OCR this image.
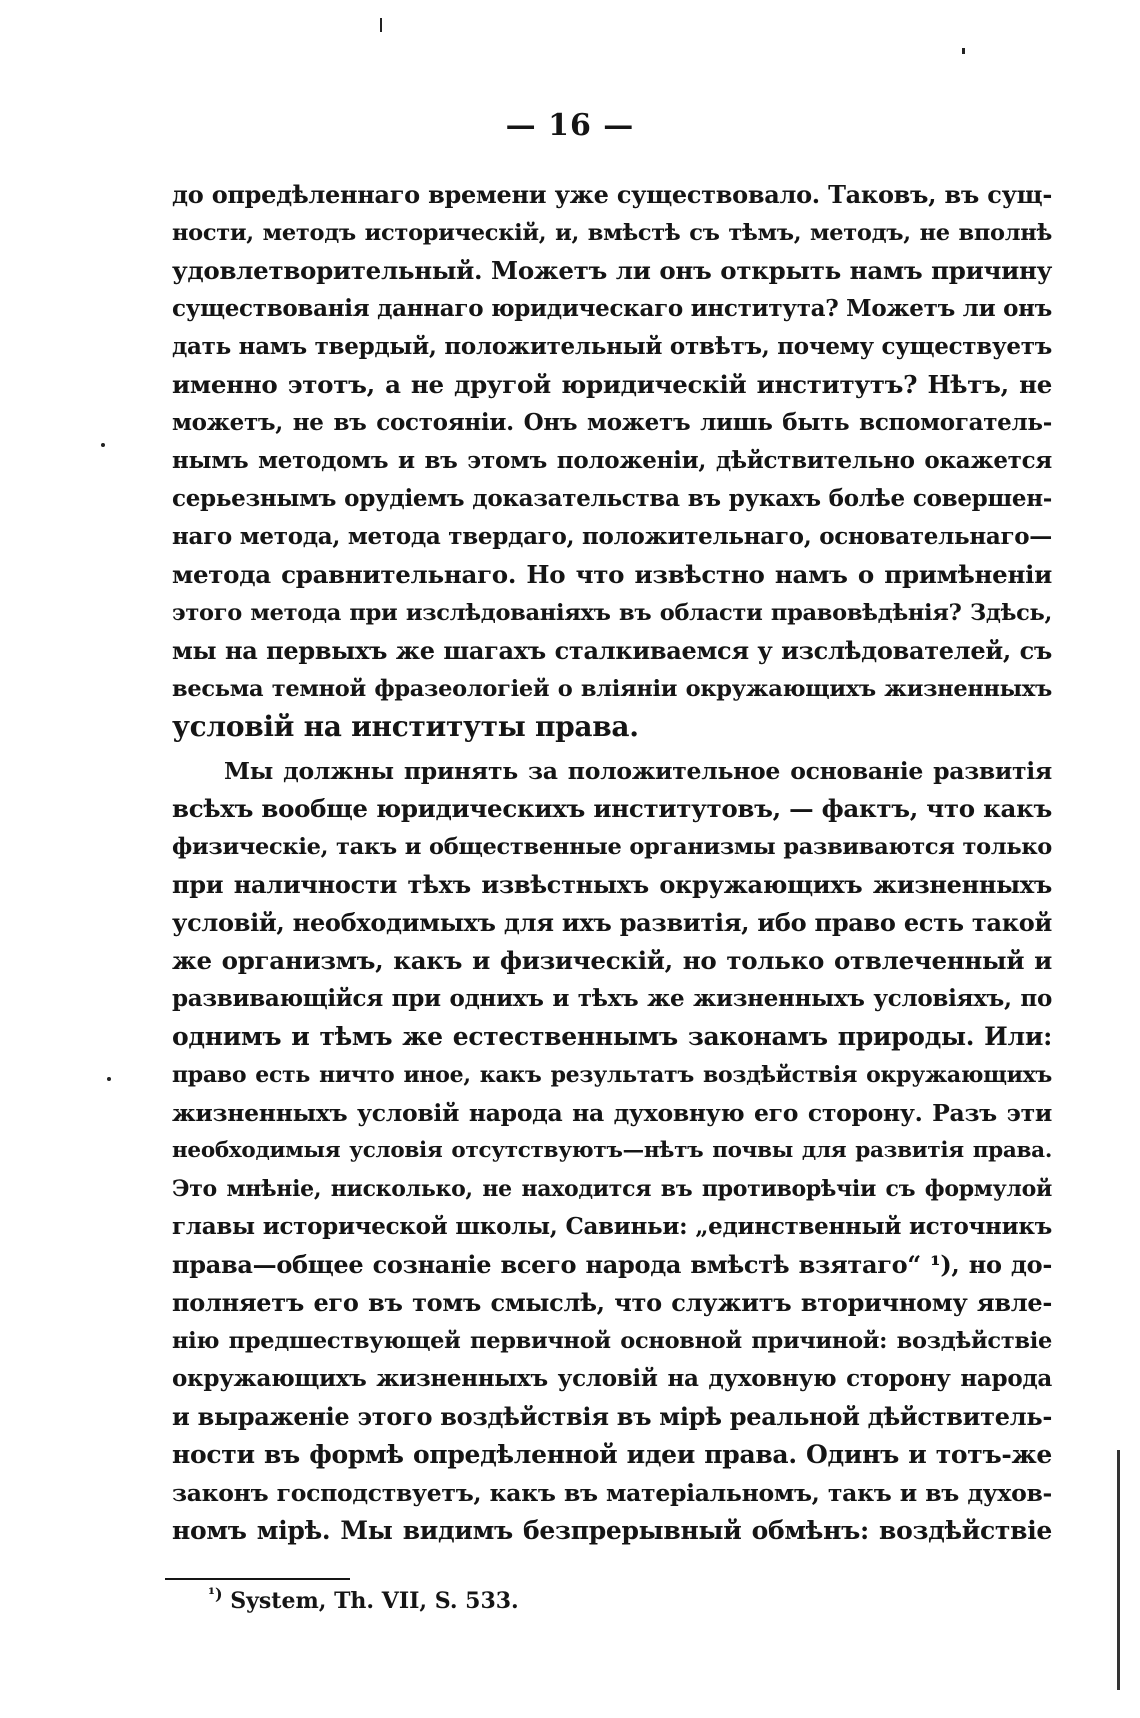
— 16 —
до опредѣленнаго времени уже существовало. Таковъ, въ сущ-
ности, методъ историческій, и, вмѣстѣ съ тѣмъ, методъ, не вполнѣ
удовлетворительный. Можетъ ли онъ открыть намъ причину
существованія даннаго юридическаго института? Можетъ ли онъ
дать намъ твердый, положительный отвѣтъ, почему существуетъ
именно этотъ, а не другой юридическій институтъ? Нѣтъ, не
можетъ, не въ состояніи. Онъ можетъ лишь быть вспомогатель-
нымъ методомъ и въ этомъ положеніи, дѣйствительно окажется
серьезнымъ орудіемъ доказательства въ рукахъ болѣе совершен-
наго метода, метода твердаго, положительнаго, основательнаго—
метода сравнительнаго. Но что извѣстно намъ о примѣненіи
этого метода при изслѣдованіяхъ въ области правовѣдѣнія? Здѣсь,
мы на первыхъ же шагахъ сталкиваемся у изслѣдователей, съ
весьма темной фразеологіей о вліяніи окружающихъ жизненныхъ
условій на институты права.
Мы должны принять за положительное основаніе развитія
всѣхъ вообще юридическихъ институтовъ, — фактъ, что какъ
физическіе, такъ и общественные организмы развиваются только
при наличности тѣхъ извѣстныхъ окружающихъ жизненныхъ
условій, необходимыхъ для ихъ развитія, ибо право есть такой
же организмъ, какъ и физическій, но только отвлеченный и
развивающійся при однихъ и тѣхъ же жизненныхъ условіяхъ, по
однимъ и тѣмъ же естественнымъ законамъ природы. Или:
право есть ничто иное, какъ результатъ воздѣйствія окружающихъ
жизненныхъ условій народа на духовную его сторону. Разъ эти
необходимыя условія отсутствуютъ—нѣтъ почвы для развитія права.
Это мнѣніе, нисколько, не находится въ противорѣчіи съ формулой
главы исторической школы, Савиньи: „единственный источникъ
права—общее сознаніе всего народа вмѣстѣ взятаго“ ¹), но до-
полняетъ его въ томъ смыслѣ, что служитъ вторичному явле-
нію предшествующей первичной основной причиной: воздѣйствіе
окружающихъ жизненныхъ условій на духовную сторону народа
и выраженіе этого воздѣйствія въ мірѣ реальной дѣйствитель-
ности въ формѣ опредѣленной идеи права. Одинъ и тотъ-же
законъ господствуетъ, какъ въ матеріальномъ, такъ и въ духов-
номъ мірѣ. Мы видимъ безпрерывный обмѣнъ: воздѣйствіе
$^{^1)}$ System, Th. VII, S. 533.
